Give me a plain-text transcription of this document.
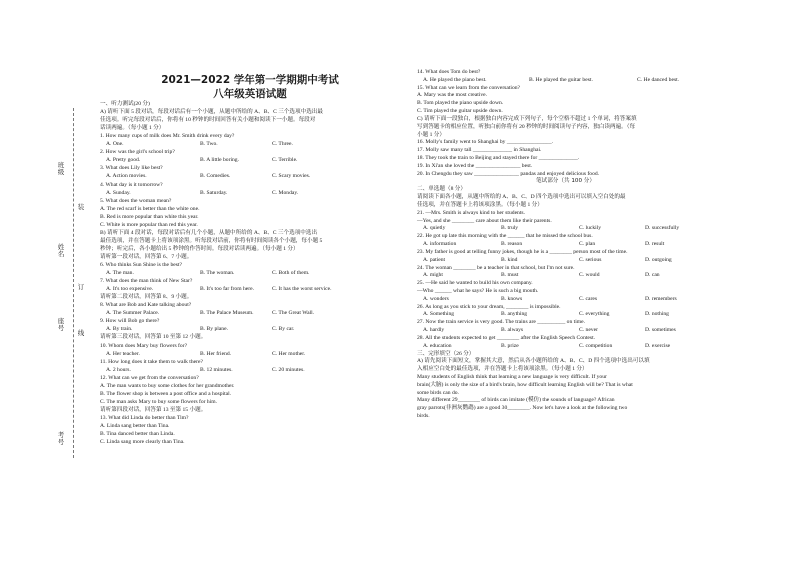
班级
姓名
座号
考号
装
订
线
2021—2022 学年第一学期期中考试
八年级英语试题
一、听力测试(20 分)
A) 请听下面 5 段对话，每段对话后有一个小题，从题中所给的 A、B、C 三个选项中选出最
佳选项。听完每段对话后，你将有 10 秒钟的时间回答有关小题和阅读下一小题。每段对
话读两遍。（每小题 1 分）
1. How many cups of milk does Mr. Smith drink every day?
A. One.	B. Two.	C. Three.
2. How was the girl's school trip?
A. Pretty good.	B. A little boring.	C. Terrible.
3. What does Lily like best?
A. Action movies.	B. Comedies.	C. Scary movies.
4. What day is it tomorrow?
A. Sunday.	B. Saturday.	C. Monday.
5. What does the woman mean?
A. The red scarf is better than the white one.
B. Red is more popular than white this year.
C. White is more popular than red this year.
B) 请听下面 4 段对话，每段对话后有几个小题，从题中所给的 A、B、C 三个选项中选出
最佳选项，并在答题卡上将该项涂黑。听每段对话前，你将有时间阅读各个小题，每小题 5
秒钟；听完后，各小题给出 5 秒钟的作答时间。每段对话读两遍。（每小题 1 分）
请听第一段对话，回答第 6、7 小题。
6. Who thinks Sun Shine is the best?
A. The man.	B. The woman.	C. Both of them.
7. What does the man think of New Star?
A. It's too expensive.	B. It's too far from here.	C. It has the worst service.
请听第二段对话，回答第 8、9 小题。
8. What are Bob and Kate talking about?
A. The Summer Palace.	B. The Palace Museum.	C. The Great Wall.
9. How will Bob go there?
A. By train.	B. By plane.	C. By car.
请听第三段对话，回答第 10 至第 12 小题。
10. Whom does Mary buy flowers for?
A. Her teacher.	B. Her friend.	C. Her mother.
11. How long does it take them to walk there?
A. 2 hours.	B. 12 minutes.	C. 20 minutes.
12. What can we get from the conversation?
A. The man wants to buy some clothes for her grandmother.
B. The flower shop is between a post office and a hospital.
C. The man asks Mary to buy some flowers for him.
请听第四段对话，回答第 13 至第 15 小题。
13. What did Linda do better than Tim?
A. Linda sang better than Tina.
B. Tina danced better than Linda.
C. Linda sang more clearly than Tina.
14. What does Tom do best?
A. He played the piano best.	B. He played the guitar best.	C. He danced best.
15. What can we learn from the conversation?
A. Mary was the most creative.
B. Tom played the piano upside down.
C. Tim played the guitar upside down.
C) 请听下面一段独白，根据独白内容完成下列句子，每个空格不超过 1 个单词，将答案填
写到答题卡的相应位置，听独白前你将有 20 秒钟的时间阅读句子内容，独白读两遍。（每
小题 1 分）
16. Molly's family went to Shanghai by ________________.
17. Molly saw many tall ______________ in Shanghai.
18. They took the train to Beijing and stayed there for ______________.
19. In Xi'an she loved the ________________ best.
20. In Chengdu they saw ________________ pandas and enjoyed delicious food.
笔试部分（共 100 分）
二、单选题（8 分）
请阅读下面各小题，从题中所给的 A、B、C、D 四个选项中选出可以填入空白处的最
佳选项，并在答题卡上将该项涂黑。（每小题 1 分）
21. —Mrs. Smith is always kind to her students.
—Yes, and she ________ care about them like their parents.
A. quietly	B. truly	C. luckily	D. successfully
22. He got up late this morning with the ______ that he missed the school bus.
A. information	B. reason	C. plan	D. result
23. My father is good at telling funny jokes, though he is a ________ person most of the time.
A. patient	B. kind	C. serious	D. outgoing
24. The woman ________ be a teacher in that school, but I'm not sure.
A. might	B. must	C. would	D. can
25. —He said he wanted to build his own company.
—Who ______ what he says? He is such a big mouth.
A. wonders	B. knows	C. cares	D. remembers
26. As long as you stick to your dream, ________ is impossible.
A. Something	B. anything	C. everything	D. nothing
27. Now the train service is very good. The trains are __________ on time.
A. hardly	B. always	C. never	D. sometimes
28. All the students expected to get ________ after the English Speech Contest.
A. education	B. prize	C. competition	D. exercise
三、完形填空（26 分）
A) 请先阅读下面短文，掌握其大意，然后从各小题所给的 A、B、C、D 四个选项中选出可以填
入相应空白处的最佳选项，并在答题卡上将该项涂黑。（每小题 1 分）
Many students of English think that learning a new language is very difficult. If your
brain(大脑) is only the size of a bird's brain, how difficult learning English will be? That is what
some birds can do.
Many different 29________ of birds can imitate (模仿) the sounds of language? African
gray parrots(非洲灰鹦鹉) are a good 30________. Now let's have a look at the following two
birds.
